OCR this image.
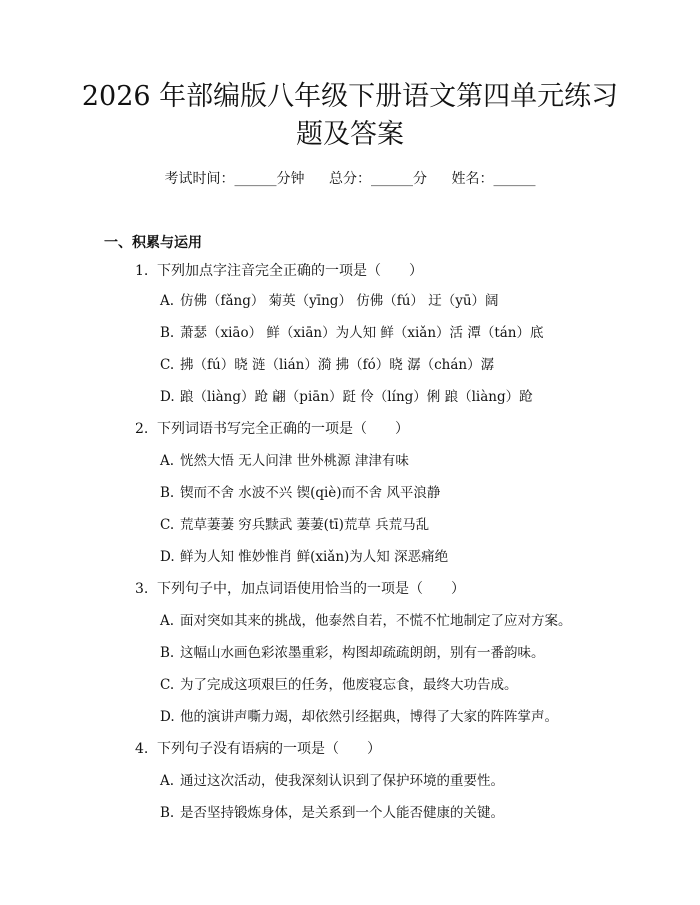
2026 年部编版八年级下册语文第四单元练习
题及答案
考试时间：______分钟 总分：______分 姓名：______
一、积累与运用
1. 下列加点字注音完全正确的一项是（　　）
A. 仿佛（fǎng） 菊英（yīng） 仿佛（fú） 迂（yū）阔
B. 萧瑟（xiāo） 鲜（xiān）为人知 鲜（xiǎn）活 潭（tán）底
C. 拂（fú）晓 涟（lián）漪 拂（fó）晓 潺（chán）潺
D. 踉（liàng）跄 翩（piān）跹 伶（líng）俐 踉（liàng）跄
2. 下列词语书写完全正确的一项是（　　）
A. 恍然大悟 无人问津 世外桃源 津津有味
B. 锲而不舍 水波不兴 锲(qiè)而不舍 风平浪静
C. 荒草萋萋 穷兵黩武 萋萋(tī)荒草 兵荒马乱
D. 鲜为人知 惟妙惟肖 鲜(xiǎn)为人知 深恶痛绝
3. 下列句子中，加点词语使用恰当的一项是（　　）
A. 面对突如其来的挑战，他泰然自若，不慌不忙地制定了应对方案。
B. 这幅山水画色彩浓墨重彩，构图却疏疏朗朗，别有一番韵味。
C. 为了完成这项艰巨的任务，他废寝忘食，最终大功告成。
D. 他的演讲声嘶力竭，却依然引经据典，博得了大家的阵阵掌声。
4. 下列句子没有语病的一项是（　　）
A. 通过这次活动，使我深刻认识到了保护环境的重要性。
B. 是否坚持锻炼身体，是关系到一个人能否健康的关键。
